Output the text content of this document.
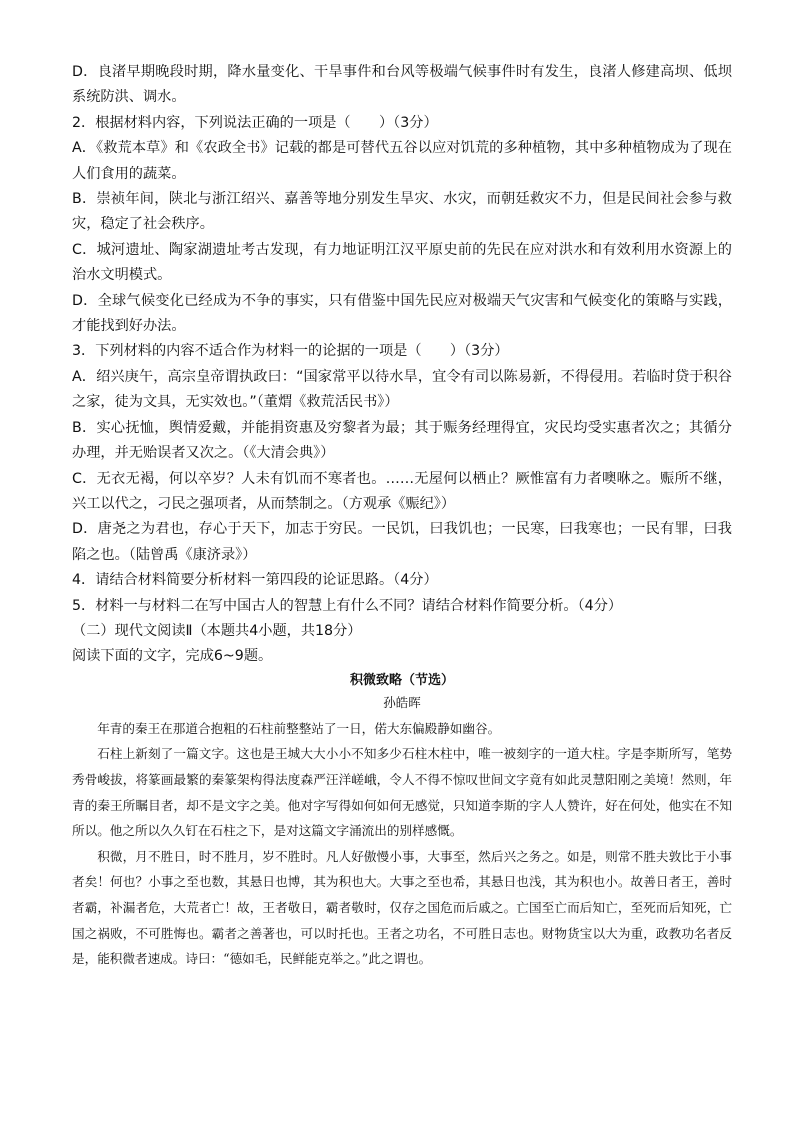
D．良渚早期晚段时期，降水量变化、干旱事件和台风等极端气候事件时有发生，良渚人修建高坝、低坝系统防洪、调水。

2．根据材料内容，下列说法正确的一项是（　　）（3分）

A．《救荒本草》和《农政全书》记载的都是可替代五谷以应对饥荒的多种植物，其中多种植物成为了现在人们食用的蔬菜。

B．崇祯年间，陕北与浙江绍兴、嘉善等地分别发生旱灾、水灾，而朝廷救灾不力，但是民间社会参与救灾，稳定了社会秩序。

C．城河遗址、陶家湖遗址考古发现，有力地证明江汉平原史前的先民在应对洪水和有效利用水资源上的治水文明模式。

D．全球气候变化已经成为不争的事实，只有借鉴中国先民应对极端天气灾害和气候变化的策略与实践，才能找到好办法。

3．下列材料的内容不适合作为材料一的论据的一项是（　　）（3分）

A．绍兴庚午，高宗皇帝谓执政曰：“国家常平以待水旱，宜令有司以陈易新，不得侵用。若临时贷于积谷之家，徒为文具，无实效也。”（董煟《救荒活民书》）

B．实心抚恤，舆情爱戴，并能捐资惠及穷黎者为最；其于赈务经理得宜，灾民均受实惠者次之；其循分办理，并无贻误者又次之。（《大清会典》）

C．无衣无褐，何以卒岁？人未有饥而不寒者也。……无屋何以栖止？厥惟富有力者噢咻之。赈所不继，兴工以代之，刁民之强项者，从而禁制之。（方观承《赈纪》）

D．唐尧之为君也，存心于天下，加志于穷民。一民饥，曰我饥也；一民寒，曰我寒也；一民有罪，曰我陷之也。（陆曾禹《康济录》）

4．请结合材料简要分析材料一第四段的论证思路。（4分）

5．材料一与材料二在写中国古人的智慧上有什么不同？请结合材料作简要分析。（4分）

（二）现代文阅读Ⅱ（本题共4小题，共18分）

阅读下面的文字，完成6~9题。

积微致略（节选）

孙皓晖

年青的秦王在那道合抱粗的石柱前整整站了一日，偌大东偏殿静如幽谷。

石柱上新刻了一篇文字。这也是王城大大小小不知多少石柱木柱中，唯一被刻字的一道大柱。字是李斯所写，笔势秀骨峻拔，将篆画最繁的秦篆架构得法度森严汪洋嵯峨，令人不得不惊叹世间文字竟有如此灵慧阳刚之美境！然则，年青的秦王所瞩目者，却不是文字之美。他对字写得如何如何无感觉，只知道李斯的字人人赞许，好在何处，他实在不知所以。他之所以久久钉在石柱之下，是对这篇文字涌流出的别样感慨。

积微，月不胜日，时不胜月，岁不胜时。凡人好傲慢小事，大事至，然后兴之务之。如是，则常不胜夫敦比于小事者矣！何也？小事之至也数，其悬日也博，其为积也大。大事之至也希，其悬日也浅，其为积也小。故善日者王，善时者霸，补漏者危，大荒者亡！故，王者敬日，霸者敬时，仅存之国危而后戚之。亡国至亡而后知亡，至死而后知死，亡国之祸败，不可胜悔也。霸者之善著也，可以时托也。王者之功名，不可胜日志也。财物货宝以大为重，政教功名者反是，能积微者速成。诗曰：“德如毛，民鲜能克举之。”此之谓也。
